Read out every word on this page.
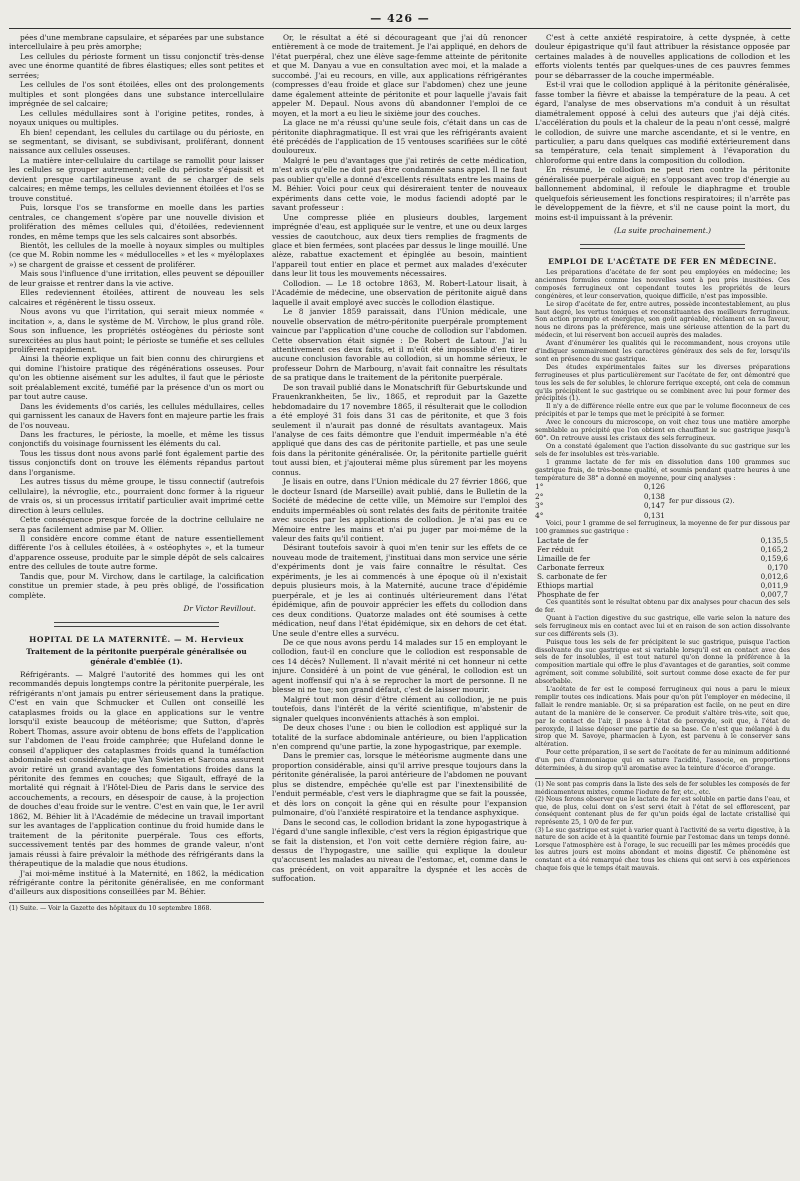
— 426 —

pées d'une membrane capsulaire, et séparées par une substance intercellulaire à peu près amorphe;

Les cellules du périoste forment un tissu conjonctif très-dense avec une énorme quantité de fibres élastiques; elles sont petites et serrées;

Les cellules de l'os sont étoilées, elles ont des prolongements multiples et sont plongées dans une substance intercellulaire imprégnée de sel calcaire;

Les cellules médullaires sont à l'origine petites, rondes, à noyaux uniques ou multiples.

Eh bien! cependant, les cellules du cartilage ou du périoste, en se segmentant, se divisant, se subdivisant, proliférant, donnent naissance aux cellules osseuses.

La matière inter-cellulaire du cartilage se ramollit pour laisser les cellules se grouper autrement; celle du périoste s'épaissit et devient presque cartilagineuse avant de se charger de sels calcaires; en même temps, les cellules deviennent étoilées et l'os se trouve constitué.

Puis, lorsque l'os se transforme en moelle dans les parties centrales, ce changement s'opère par une nouvelle division et prolifération des mêmes cellules qui, d'étoilées, redeviennent rondes, en même temps que les sels calcaires sont absorbés.

Bientôt, les cellules de la moelle à noyaux simples ou multiples (ce que M. Robin nomme les « médullocelles » et les « myéloplaxes ») se chargent de graisse et cessent de proliférer.

Mais sous l'influence d'une irritation, elles peuvent se dépouiller de leur graisse et rentrer dans la vie active.

Elles redeviennent étoilées, attirent de nouveau les sels calcaires et régénèrent le tissu osseux.

Nous avons vu que l'irritation, qui serait mieux nommée « incitation », a, dans le système de M. Virchow, le plus grand rôle. Sous son influence, les propriétés ostéogènes du périoste sont surexcitées au plus haut point; le périoste se tuméfie et ses cellules prolifèrent rapidement.

Ainsi la théorie explique un fait bien connu des chirurgiens et qui domine l'histoire pratique des régénérations osseuses. Pour qu'on les obtienne aisément sur les adultes, il faut que le périoste soit préalablement excité, tuméfié par la présence d'un os mort ou par tout autre cause.

Dans les évidements d'os cariés, les cellules médullaires, celles qui garnissent les canaux de Havers font en majeure partie les frais de l'os nouveau.

Dans les fractures, le périoste, la moelle, et même les tissus conjonctifs du voisinage fournissent les éléments du cal.

Tous les tissus dont nous avons parlé font également partie des tissus conjonctifs dont on trouve les éléments répandus partout dans l'organisme.

Les autres tissus du même groupe, le tissu connectif (autrefois cellulaire), la névroglie, etc., pourraient donc former à la rigueur de vrais os, si un processus irritatif particulier avait imprimé cette direction à leurs cellules.

Cette conséquence presque forcée de la doctrine cellulaire ne sera pas facilement admise par M. Ollier.

Il considère encore comme étant de nature essentiellement différente l'os à cellules étoilées, à « ostéophytes », et la tumeur d'apparence osseuse, produite par le simple dépôt de sels calcaires entre des cellules de toute autre forme.

Tandis que, pour M. Virchow, dans le cartilage, la calcification constitue un premier stade, à peu près obligé, de l'ossification complète.

Dr Victor Revillout.
HOPITAL DE LA MATERNITÉ. — M. Hervieux
Traitement de la péritonite puerpérale généralisée ou générale d'emblée (1).

Réfrigérants. — Malgré l'autorité des hommes qui les ont recommandés depuis longtemps contre la péritonite puerpérale, les réfrigérants n'ont jamais pu entrer sérieusement dans la pratique. C'est en vain que Schmucker et Cullen ont conseillé les cataplasmes froids ou la glace en applications sur le ventre lorsqu'il existe beaucoup de météorisme; que Sutton, d'après Robert Thomas, assure avoir obtenu de bons effets de l'application sur l'abdomen de l'eau froide camphrée; que Hufeland donne le conseil d'appliquer des cataplasmes froids quand la tuméfaction abdominale est considérable; que Van Swieten et Sarcona assurent avoir retiré un grand avantage des fomentations froides dans la péritonite des femmes en couches; que Sigault, effrayé de la mortalité qui régnait à l'Hôtel-Dieu de Paris dans le service des accouchements, a recours, en désespoir de cause, à la projection de douches d'eau froide sur le ventre. C'est en vain que, le 1er avril 1862, M. Béhier lit à l'Académie de médecine un travail important sur les avantages de l'application continue du froid humide dans le traitement de la péritonite puerpérale. Tous ces efforts, successivement tentés par des hommes de grande valeur, n'ont jamais réussi à faire prévaloir la méthode des réfrigérants dans la thérapeutique de la maladie que nous étudions.

J'ai moi-même institué à la Maternité, en 1862, la médication réfrigérante contre la péritonite généralisée, en me conformant d'ailleurs aux dispositions conseillées par M. Béhier.

(1) Suite. — Voir la Gazette des hôpitaux du 10 septembre 1868.

Or, le résultat a été si décourageant que j'ai dû renoncer entièrement à ce mode de traitement. Je l'ai appliqué, en dehors de l'état puerpéral, chez une élève sage-femme atteinte de péritonite et que M. Danyau a vue en consultation avec moi, et la malade a succombé. J'ai eu recours, en ville, aux applications réfrigérantes (compresses d'eau froide et glace sur l'abdomen) chez une jeune dame également atteinte de péritonite et pour laquelle j'avais fait appeler M. Depaul. Nous avons dû abandonner l'emploi de ce moyen, et la mort a eu lieu le sixième jour des couches.

La glace ne m'a réussi qu'une seule fois, c'était dans un cas de péritonite diaphragmatique. Il est vrai que les réfrigérants avaient été précédés de l'application de 15 ventouses scarifiées sur le côté douloureux.

Malgré le peu d'avantages que j'ai retirés de cette médication, m'est avis qu'elle ne doit pas être condamnée sans appel. Il ne faut pas oublier qu'elle a donné d'excellents résultats entre les mains de M. Béhier. Voici pour ceux qui désireraient tenter de nouveaux expériments dans cette voie, le modus faciendi adopté par le savant professeur :

Une compresse pliée en plusieurs doubles, largement imprégnée d'eau, est appliquée sur le ventre, et une ou deux larges vessies de caoutchouc, aux deux tiers remplies de fragments de glace et bien fermées, sont placées par dessus le linge mouillé. Une alèze, rabattue exactement et épinglée au besoin, maintient l'appareil tout entier en place et permet aux malades d'exécuter dans leur lit tous les mouvements nécessaires.

Collodion. — Le 18 octobre 1863, M. Robert-Latour lisait, à l'Académie de médecine, une observation de péritonite aiguë dans laquelle il avait employé avec succès le collodion élastique.

Le 8 janvier 1859 paraissait, dans l'Union médicale, une nouvelle observation de métro-péritonite puerpérale promptement vaincue par l'application d'une couche de collodion sur l'abdomen. Cette observation était signée : De Robert de Latour. J'ai lu attentivement ces deux faits, et il m'eût été impossible d'en tirer aucune conclusion favorable au collodion, si un homme sérieux, le professeur Dohrn de Marbourg, n'avait fait connaître les résultats de sa pratique dans le traitement de la péritonite puerpérale.

De son travail publié dans le Monatschrift für Geburtskunde und Frauenkrankheiten, 5e liv., 1865, et reproduit par la Gazette hebdomadaire du 17 novembre 1865, il résulterait que le collodion a été employé 31 fois dans 31 cas de péritonite, et que 3 fois seulement il n'aurait pas donné de résultats avantageux. Mais l'analyse de ces faits démontre que l'enduit imperméable n'a été appliqué que dans des cas de péritonite partielle, et pas une seule fois dans la péritonite généralisée. Or, la péritonite partielle guérit tout aussi bien, et j'ajouterai même plus sûrement par les moyens connus.

Je lisais en outre, dans l'Union médicale du 27 février 1866, que le docteur Isnard (de Marseille) avait publié, dans le Bulletin de la Société de médecine de cette ville, un Mémoire sur l'emploi des enduits imperméables où sont relatés des faits de péritonite traitée avec succès par les applications de collodion. Je n'ai pas eu ce Mémoire entre les mains et n'ai pu juger par moi-même de la valeur des faits qu'il contient.

Désirant toutefois savoir à quoi m'en tenir sur les effets de ce nouveau mode de traitement, j'instituai dans mon service une série d'expériments dont je vais faire connaître le résultat. Ces expériments, je les ai commencés à une époque où il n'existait depuis plusieurs mois, à la Maternité, aucune trace d'épidémie puerpérale, et je les ai continués ultérieurement dans l'état épidémique, afin de pouvoir apprécier les effets du collodion dans ces deux conditions. Quatorze malades ont été soumises à cette médication, neuf dans l'état épidémique, six en dehors de cet état. Une seule d'entre elles a survécu.

De ce que nous avons perdu 14 malades sur 15 en employant le collodion, faut-il en conclure que le collodion est responsable de ces 14 décès? Nullement. Il n'avait mérité ni cet honneur ni cette injure. Considéré à un point de vue général, le collodion est un agent inoffensif qui n'a à se reprocher la mort de personne. Il ne blesse ni ne tue; son grand défaut, c'est de laisser mourir.

Malgré tout mon désir d'être clément au collodion, je ne puis toutefois, dans l'intérêt de la vérité scientifique, m'abstenir de signaler quelques inconvénients attachés à son emploi.

De deux choses l'une : ou bien le collodion est appliqué sur la totalité de la surface abdominale antérieure, ou bien l'application n'en comprend qu'une partie, la zone hypogastrique, par exemple.

Dans le premier cas, lorsque le météorisme augmente dans une proportion considérable, ainsi qu'il arrive presque toujours dans la péritonite généralisée, la paroi antérieure de l'abdomen ne pouvant plus se distendre, empêchée qu'elle est par l'inextensibilité de l'enduit perméable, c'est vers le diaphragme que se fait la poussée, et dès lors on conçoit la gêne qui en résulte pour l'expansion pulmonaire, d'où l'anxiété respiratoire et la tendance asphyxique.

Dans le second cas, le collodion bridant la zone hypogastrique à l'égard d'une sangle inflexible, c'est vers la région épigastrique que se fait la distension, et l'on voit cette dernière région faire, au-dessus de l'hypogastre, une saillie qui explique la douleur qu'accusent les malades au niveau de l'estomac, et, comme dans le cas précédent, on voit apparaître la dyspnée et les accès de suffocation.

C'est à cette anxiété respiratoire, à cette dyspnée, à cette douleur épigastrique qu'il faut attribuer la résistance opposée par certaines malades à de nouvelles applications de collodion et les efforts violents tentés par quelques-unes de ces pauvres femmes pour se débarrasser de la couche imperméable.

Est-il vrai que le collodion appliqué à la péritonite généralisée, fasse tomber la fièvre et abaisse la température de la peau. A cet égard, l'analyse de mes observations m'a conduit à un résultat diamétralement opposé à celui des auteurs que j'ai déjà cités. L'accélération du pouls et la chaleur de la peau n'ont cessé, malgré le collodion, de suivre une marche ascendante, et si le ventre, en particulier, a paru dans quelques cas modifié extérieurement dans sa température, cela tenait simplement à l'évaporation du chloroforme qui entre dans la composition du collodion.

En résumé, le collodion ne peut rien contre la péritonite généralisée puerpérale aiguë; en s'opposant avec trop d'énergie au ballonnement abdominal, il refoule le diaphragme et trouble quelquefois sérieusement les fonctions respiratoires; il n'arrête pas le développement de la fièvre, et s'il ne cause point la mort, du moins est-il impuissant à la prévenir.

(La suite prochainement.)
EMPLOI DE L'ACÉTATE DE FER EN MÉDECINE.

Les préparations d'acétate de fer sont peu employées en médecine; les anciennes formules comme les nouvelles sont à peu près inusitées. Ces composés ferrugineux ont cependant toutes les propriétés de leurs congénères, et leur conservation, quoique difficile, n'est pas impossible.

Le sirop d'acétate de fer, entre autres, possède incontestablement, au plus haut degré, les vertus toniques et reconstituantes des meilleurs ferrugineux. Son action prompte et énergique, son goût agréable, réclament en sa faveur, nous ne dirons pas la préférence, mais une sérieuse attention de la part du médecin, et lui réservent bon accueil auprès des malades.

Avant d'énumérer les qualités qui le recommandent, nous croyons utile d'indiquer sommairement les caractères généraux des sels de fer, lorsqu'ils sont en présence du suc gastrique.

Des études expérimentales faites sur les diverses préparations ferrugineuses et plus particulièrement sur l'acétate de fer, ont démontré que tous les sels de fer solubles, le chlorure ferrique excepté, ont cela de commun qu'ils précipitent le suc gastrique ou se combinent avec lui pour former des précipités (1).

Il n'y a de différence réelle entre eux que par le volume floconneux de ces précipités et par le temps que met le précipité à se former.

Avec le concours du microscope, on voit chez tous une matière amorphe semblable au précipité que l'on obtient en chauffant le suc gastrique jusqu'à 60°. On retrouve aussi les cristaux des sels ferrugineux.

On a constaté également que l'action dissolvante du suc gastrique sur les sels de fer insolubles est très-variable.

1 gramme lactate de fer mis en dissolution dans 100 grammes suc gastrique frais, de très-bonne qualité, et soumis pendant quatre heures à une température de 38° a donné en moyenne, pour cinq analyses :

1°	0,126
2°	0,138
3°	0,147
4°	0,131
fer pur dissous (2).

Voici, pour 1 gramme de sel ferrugineux, la moyenne de fer pur dissous par 100 grammes suc gastrique :

Lactate de fer	0,135,5
Fer réduit	0,165,2
Limaille de fer	0,159,6
Carbonate ferreux	0,170
S. carbonate de fer	0,012,6
Ethiops martial	0,011,9
Phosphate de fer	0,007,7

Ces quantités sont le résultat obtenu par dix analyses pour chacun des sels de fer.

Quant à l'action digestive du suc gastrique, elle varie selon la nature des sels ferrugineux mis en contact avec lui et en raison de son action dissolvante sur ces différents sels (3).

Puisque tous les sels de fer précipitent le suc gastrique, puisque l'action dissolvante du suc gastrique est si variable lorsqu'il est en contact avec des sels de fer insolubles, il est tout naturel qu'on donne la préférence à la composition martiale qui offre le plus d'avantages et de garanties, soit comme agrément, soit comme solubilité, soit surtout comme dose exacte de fer pur absorbable.

L'acétate de fer est le composé ferrugineux qui nous a paru le mieux remplir toutes ces indications. Mais pour qu'on pût l'employer en médecine, il fallait le rendre maniable. Or, si sa préparation est facile, on ne peut en dire autant de la manière de le conserver. Ce produit s'altère très-vite, soit que, par le contact de l'air, il passe à l'état de peroxyde, soit que, à l'état de peroxyde, il laisse déposer une partie de sa base. Ce n'est que mélangé à du sirop que M. Savoye, pharmacien à Lyon, est parvenu à le conserver sans altération.

Pour cette préparation, il se sert de l'acétate de fer au minimum additionné d'un peu d'ammoniaque qui en sature l'acidité, l'associe, en proportions déterminées, à du sirop qu'il aromatise avec la teinture d'écorce d'orange.

(1) Ne sont pas compris dans la liste des sels de fer solubles les composés de fer médicamenteux mixtes, comme l'iodure de fer, etc., etc.
(2) Nous ferons observer que le lactate de fer est soluble en partie dans l'eau, et que, de plus, celui dont on s'est servi était à l'état de sel efflorescent, par conséquent contenant plus de fer qu'un poids égal de lactate cristallisé qui représente 25, 1 0/0 de fer pur.
(3) Le suc gastrique est sujet à varier quant à l'activité de sa vertu digestive, à la nature de son acide et à la quantité fournie par l'estomac dans un temps donné. Lorsque l'atmosphère est à l'orage, le suc recueilli par les mêmes procédés que les autres jours est moins abondant et moins digestif. Ce phénomène est constant et a été remarqué chez tous les chiens qui ont servi à ces expériences chaque fois que le temps était mauvais.
